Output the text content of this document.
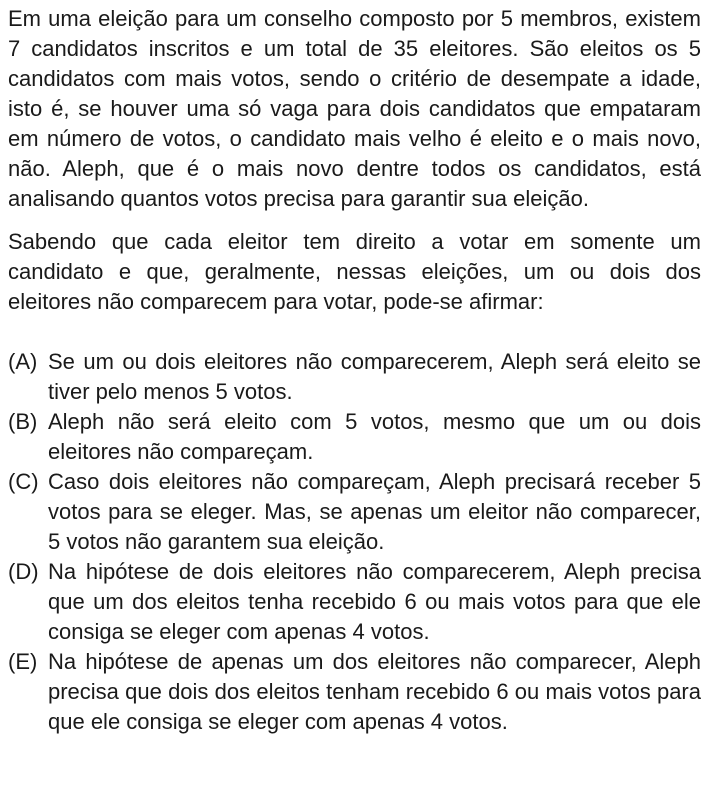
Em uma eleição para um conselho composto por 5 membros, existem 7 candidatos inscritos e um total de 35 eleitores. São eleitos os 5 candidatos com mais votos, sendo o critério de desempate a idade, isto é, se houver uma só vaga para dois candidatos que empataram em número de votos, o candidato mais velho é eleito e o mais novo, não. Aleph, que é o mais novo dentre todos os candidatos, está analisando quantos votos precisa para garantir sua eleição.

Sabendo que cada eleitor tem direito a votar em somente um candidato e que, geralmente, nessas eleições, um ou dois dos eleitores não comparecem para votar, pode-se afirmar:

(A) Se um ou dois eleitores não comparecerem, Aleph será eleito se tiver pelo menos 5 votos.
(B) Aleph não será eleito com 5 votos, mesmo que um ou dois eleitores não compareçam.
(C) Caso dois eleitores não compareçam, Aleph precisará receber 5 votos para se eleger. Mas, se apenas um eleitor não comparecer, 5 votos não garantem sua eleição.
(D) Na hipótese de dois eleitores não comparecerem, Aleph precisa que um dos eleitos tenha recebido 6 ou mais votos para que ele consiga se eleger com apenas 4 votos.
(E) Na hipótese de apenas um dos eleitores não comparecer, Aleph precisa que dois dos eleitos tenham recebido 6 ou mais votos para que ele consiga se eleger com apenas 4 votos.
